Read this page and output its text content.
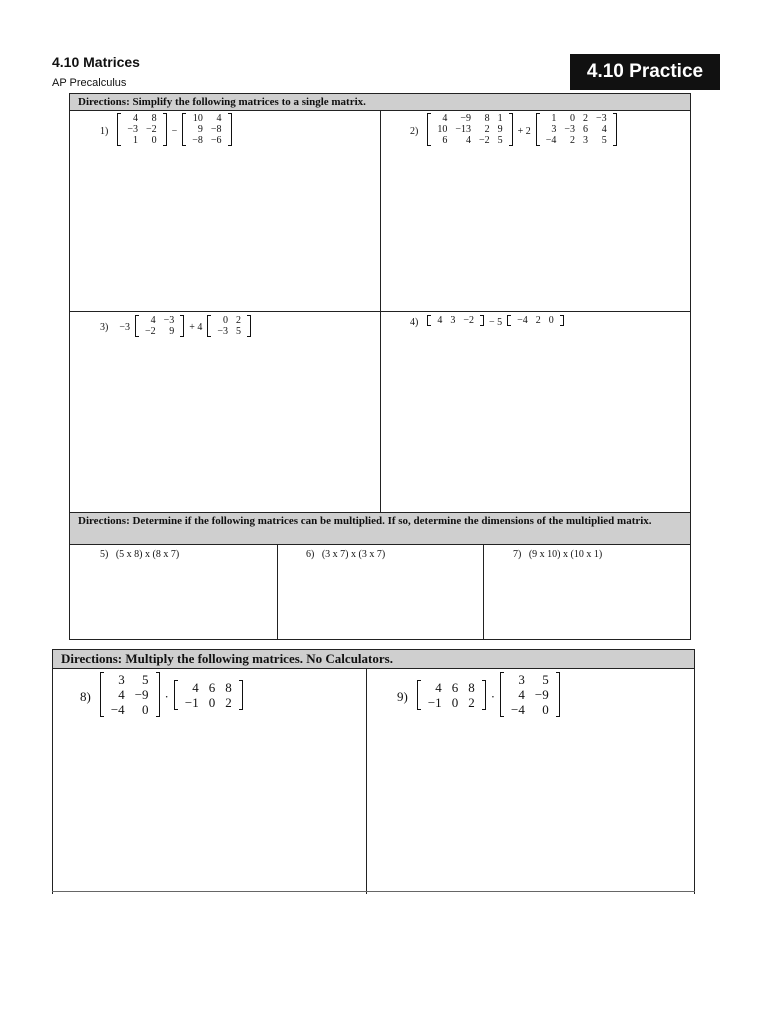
4.10 Matrices
AP Precalculus
4.10 Practice
Directions: Simplify the following matrices to a single matrix.
1)
4	8
−3	−2
1	0
−
10	4
9	−8
−8	−6
2)
4	−9	8	1
10	−13	2	9
6	4	−2	5
+ 2
1	0	2	−3
3	−3	6	4
−4	2	3	5
3) −3
4	−3
−2	9 + 4
0	2
−3	5
4) 4	3	−2 − 5 −4	2	0
Directions: Determine if the following matrices can be multiplied. If so, determine the dimensions of the multiplied matrix.
5) (5 x 8) x (8 x 7)	6) (3 x 7) x (3 x 7)	7) (9 x 10) x (10 x 1)
Directions: Multiply the following matrices. No Calculators.
8)
3	5
4	−9
−4	0
·
4	6	8
−1	0	2	9)
4	6	8
−1	0	2 ·
3	5
4	−9
−4	0
